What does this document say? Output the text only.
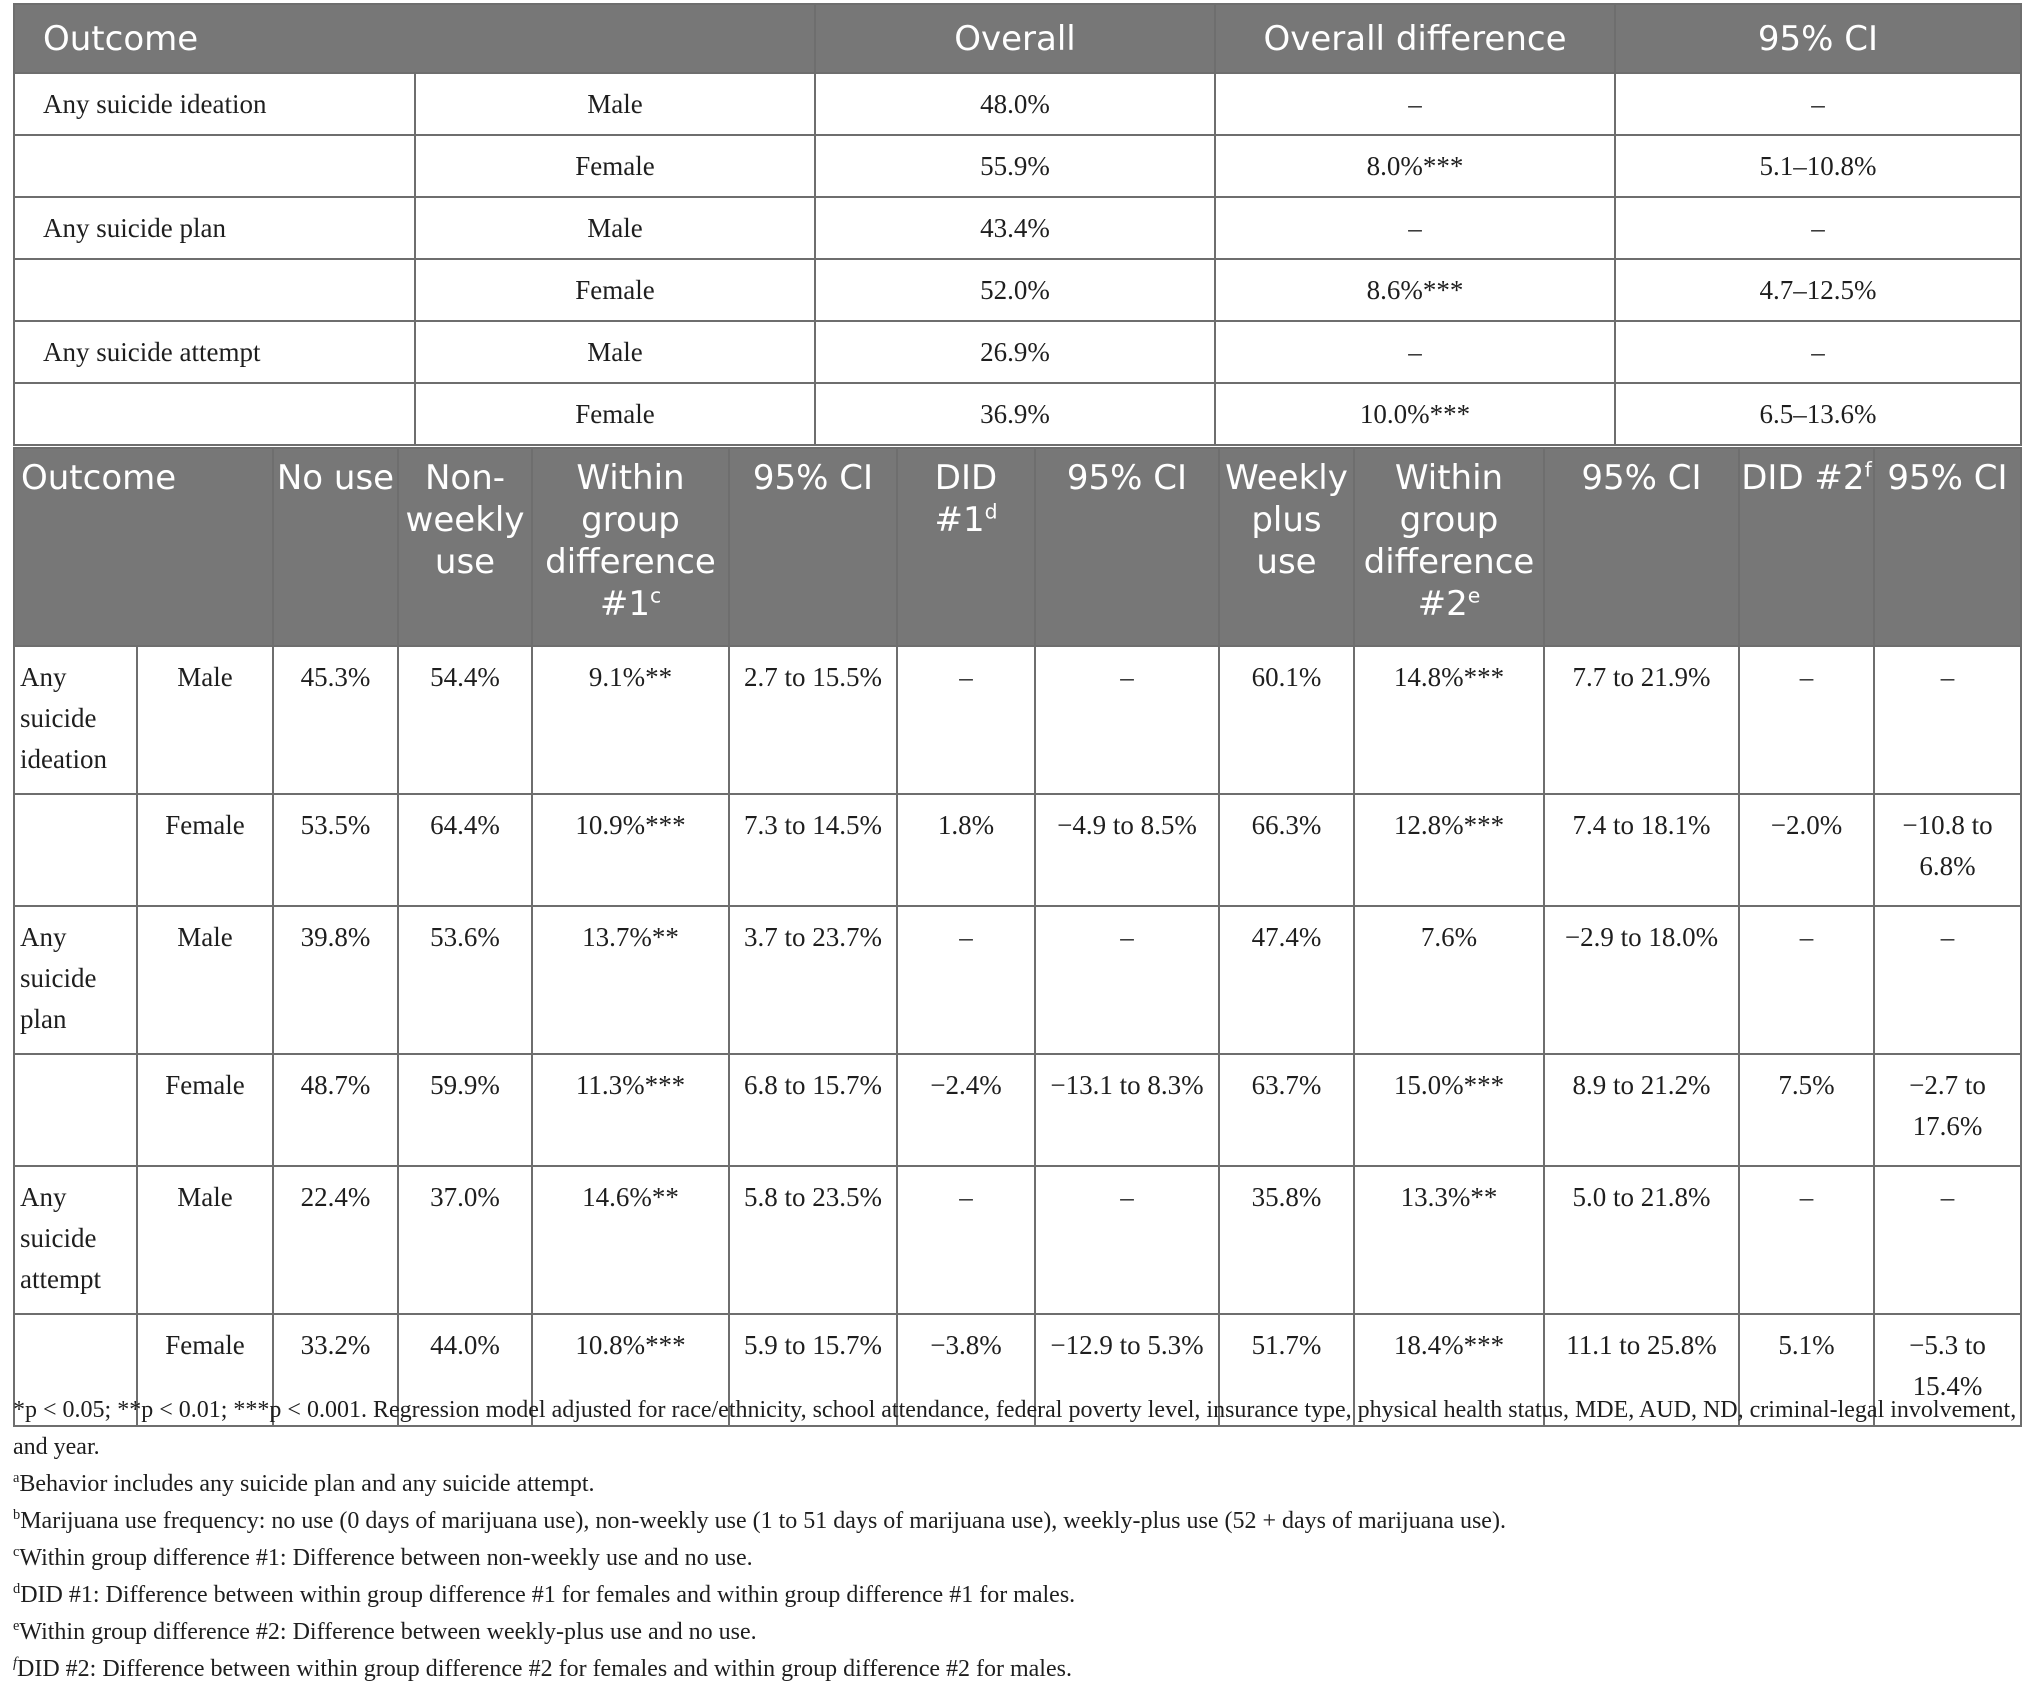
Outcome		Overall	Overall difference	95% CI
Any suicide ideation	Male	48.0%	–	–
	Female	55.9%	8.0%***	5.1–10.8%
Any suicide plan	Male	43.4%	–	–
	Female	52.0%	8.6%***	4.7–12.5%
Any suicide attempt	Male	26.9%	–	–
	Female	36.9%	10.0%***	6.5–13.6%
Outcome		No use	Non-weekly use	Within group difference #1$^c$	95% CI	DID #1$^d$	95% CI	Weekly plus use	Within group difference #2e	95% CI	DID #2$^f$	95% CI
Any suicide ideation	Male	45.3%	54.4%	9.1%**	2.7 to 15.5%	–	–	60.1%	14.8%***	7.7 to 21.9%	–	–
	Female	53.5%	64.4%	10.9%***	7.3 to 14.5%	1.8%	−4.9 to 8.5%	66.3%	12.8%***	7.4 to 18.1%	−2.0%	−10.8 to 6.8%
Any suicide plan	Male	39.8%	53.6%	13.7%**	3.7 to 23.7%	–	–	47.4%	7.6%	−2.9 to 18.0%	–	–
	Female	48.7%	59.9%	11.3%***	6.8 to 15.7%	−2.4%	−13.1 to 8.3%	63.7%	15.0%***	8.9 to 21.2%	7.5%	−2.7 to 17.6%
Any suicide attempt	Male	22.4%	37.0%	14.6%**	5.8 to 23.5%	–	–	35.8%	13.3%**	5.0 to 21.8%	–	–
	Female	33.2%	44.0%	10.8%***	5.9 to 15.7%	−3.8%	−12.9 to 5.3%	51.7%	18.4%***	11.1 to 25.8%	5.1%	−5.3 to 15.4%

*p < 0.05; **p < 0.01; ***p < 0.001. Regression model adjusted for race/ethnicity, school attendance, federal poverty level, insurance type, physical health status, MDE, AUD, ND, criminal-legal involvement, and year.

$^a$Behavior includes any suicide plan and any suicide attempt.

$^b$Marijuana use frequency: no use (0 days of marijuana use), non-weekly use (1 to 51 days of marijuana use), weekly-plus use (52 + days of marijuana use).

$^c$Within group difference #1: Difference between non-weekly use and no use.

$^d$DID #1: Difference between within group difference #1 for females and within group difference #1 for males.

$^e$Within group difference #2: Difference between weekly-plus use and no use.

$^f$DID #2: Difference between within group difference #2 for females and within group difference #2 for males.
